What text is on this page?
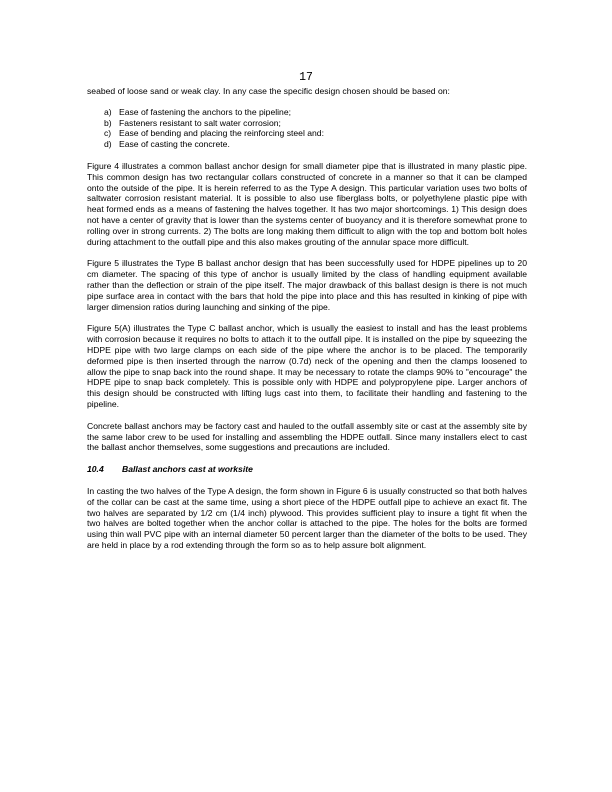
17

seabed of loose sand or weak clay. In any case the specific design chosen should be based on:

a) Ease of fastening the anchors to the pipeline;
b) Fasteners resistant to salt water corrosion;
c) Ease of bending and placing the reinforcing steel and:
d) Ease of casting the concrete.

Figure 4 illustrates a common ballast anchor design for small diameter pipe that is illustrated in many plastic pipe. This common design has two rectangular collars constructed of concrete in a manner so that it can be clamped onto the outside of the pipe. It is herein referred to as the Type A design. This particular variation uses two bolts of saltwater corrosion resistant material. It is possible to also use fiberglass bolts, or polyethylene plastic pipe with heat formed ends as a means of fastening the halves together. It has two major shortcomings. 1) This design does not have a center of gravity that is lower than the systems center of buoyancy and it is therefore somewhat prone to rolling over in strong currents. 2) The bolts are long making them difficult to align with the top and bottom bolt holes during attachment to the outfall pipe and this also makes grouting of the annular space more difficult.

Figure 5 illustrates the Type B ballast anchor design that has been successfully used for HDPE pipelines up to 20 cm diameter. The spacing of this type of anchor is usually limited by the class of handling equipment available rather than the deflection or strain of the pipe itself. The major drawback of this ballast design is there is not much pipe surface area in contact with the bars that hold the pipe into place and this has resulted in kinking of pipe with larger dimension ratios during launching and sinking of the pipe.

Figure 5(A) illustrates the Type C ballast anchor, which is usually the easiest to install and has the least problems with corrosion because it requires no bolts to attach it to the outfall pipe. It is installed on the pipe by squeezing the HDPE pipe with two large clamps on each side of the pipe where the anchor is to be placed. The temporarily deformed pipe is then inserted through the narrow (0.7d) neck of the opening and then the clamps loosened to allow the pipe to snap back into the round shape. It may be necessary to rotate the clamps 90% to "encourage" the HDPE pipe to snap back completely. This is possible only with HDPE and polypropylene pipe. Larger anchors of this design should be constructed with lifting lugs cast into them, to facilitate their handling and fastening to the pipeline.

Concrete ballast anchors may be factory cast and hauled to the outfall assembly site or cast at the assembly site by the same labor crew to be used for installing and assembling the HDPE outfall. Since many installers elect to cast the ballast anchor themselves, some suggestions and precautions are included.

10.4	Ballast anchors cast at worksite

In casting the two halves of the Type A design, the form shown in Figure 6 is usually constructed so that both halves of the collar can be cast at the same time, using a short piece of the HDPE outfall pipe to achieve an exact fit. The two halves are separated by 1/2 cm (1/4 inch) plywood. This provides sufficient play to insure a tight fit when the two halves are bolted together when the anchor collar is attached to the pipe. The holes for the bolts are formed using thin wall PVC pipe with an internal diameter 50 percent larger than the diameter of the bolts to be used. They are held in place by a rod extending through the form so as to help assure bolt alignment.
